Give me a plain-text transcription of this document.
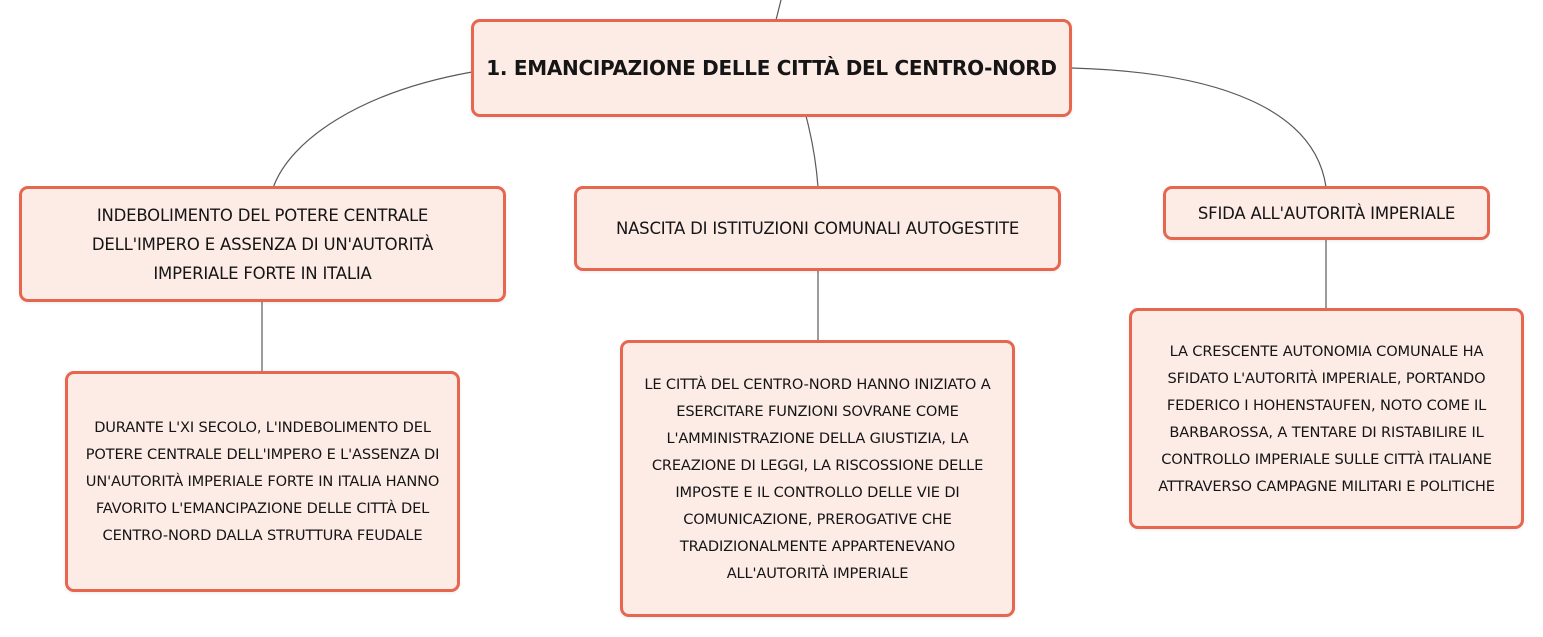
1. EMANCIPAZIONE DELLE CITTÀ DEL CENTRO-NORD
INDEBOLIMENTO DEL POTERE CENTRALE DELL'IMPERO E ASSENZA DI UN'AUTORITÀ IMPERIALE FORTE IN ITALIA
NASCITA DI ISTITUZIONI COMUNALI AUTOGESTITE
SFIDA ALL'AUTORITÀ IMPERIALE
DURANTE L'XI SECOLO, L'INDEBOLIMENTO DEL POTERE CENTRALE DELL'IMPERO E L'ASSENZA DI UN'AUTORITÀ IMPERIALE FORTE IN ITALIA HANNO FAVORITO L'EMANCIPAZIONE DELLE CITTÀ DEL CENTRO-NORD DALLA STRUTTURA FEUDALE
LE CITTÀ DEL CENTRO-NORD HANNO INIZIATO A ESERCITARE FUNZIONI SOVRANE COME L'AMMINISTRAZIONE DELLA GIUSTIZIA, LA CREAZIONE DI LEGGI, LA RISCOSSIONE DELLE IMPOSTE E IL CONTROLLO DELLE VIE DI COMUNICAZIONE, PREROGATIVE CHE TRADIZIONALMENTE APPARTENEVANO ALL'AUTORITÀ IMPERIALE
LA CRESCENTE AUTONOMIA COMUNALE HA SFIDATO L'AUTORITÀ IMPERIALE, PORTANDO FEDERICO I HOHENSTAUFEN, NOTO COME IL BARBAROSSA, A TENTARE DI RISTABILIRE IL CONTROLLO IMPERIALE SULLE CITTÀ ITALIANE ATTRAVERSO CAMPAGNE MILITARI E POLITICHE
